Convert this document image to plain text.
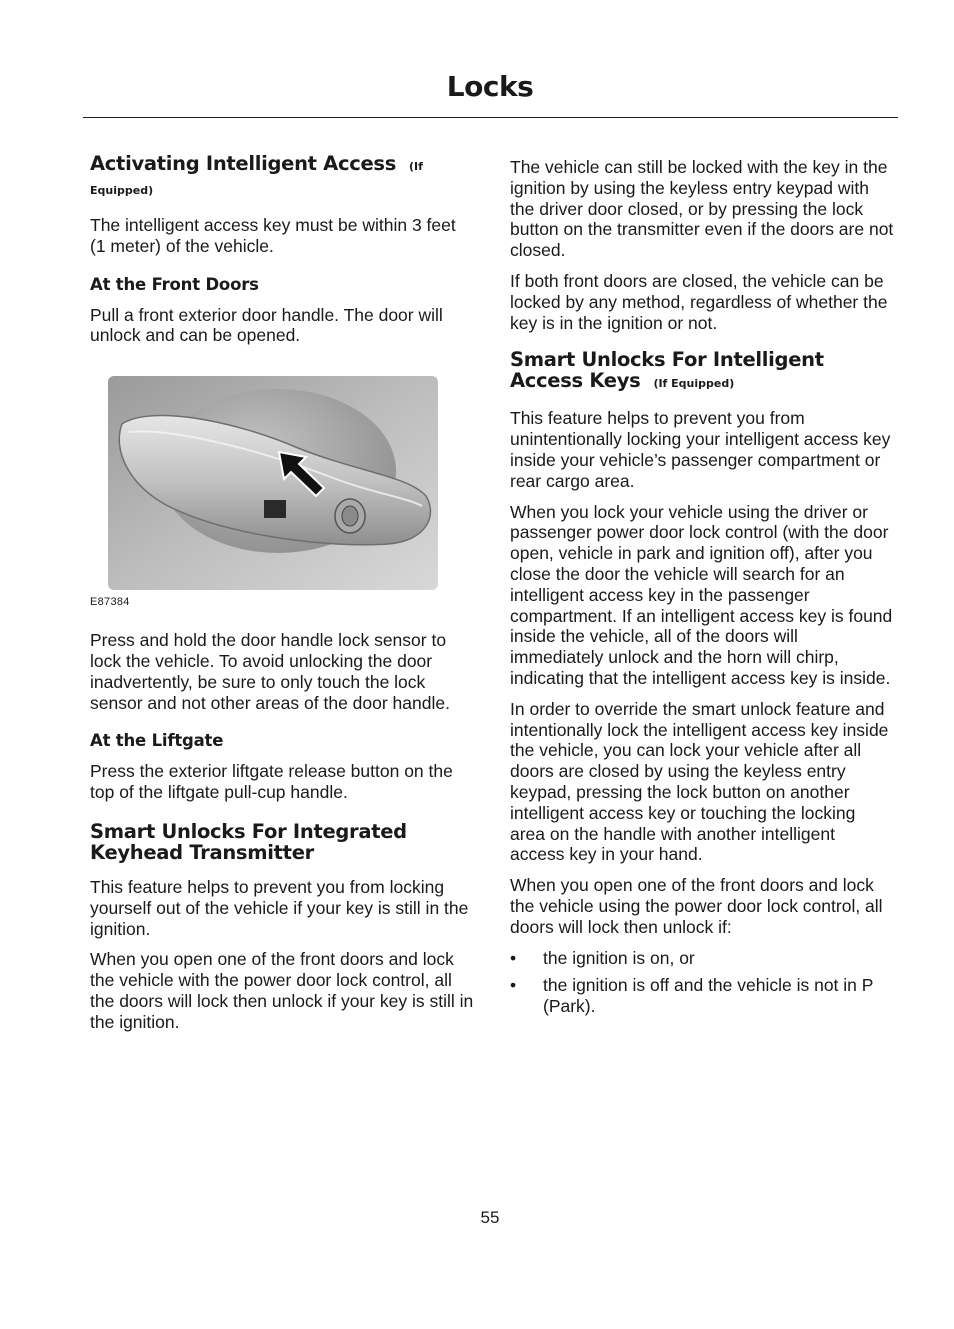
Locks
Activating Intelligent Access (If Equipped)

The intelligent access key must be within 3 feet (1 meter) of the vehicle.

At the Front Doors

Pull a front exterior door handle. The door will unlock and can be opened.

E87384

Press and hold the door handle lock sensor to lock the vehicle. To avoid unlocking the door inadvertently, be sure to only touch the lock sensor and not other areas of the door handle.

At the Liftgate

Press the exterior liftgate release button on the top of the liftgate pull-cup handle.

Smart Unlocks For Integrated Keyhead Transmitter

This feature helps to prevent you from locking yourself out of the vehicle if your key is still in the ignition.

When you open one of the front doors and lock the vehicle with the power door lock control, all the doors will lock then unlock if your key is still in the ignition.

The vehicle can still be locked with the key in the ignition by using the keyless entry keypad with the driver door closed, or by pressing the lock button on the transmitter even if the doors are not closed.

If both front doors are closed, the vehicle can be locked by any method, regardless of whether the key is in the ignition or not.

Smart Unlocks For Intelligent Access Keys (If Equipped)

This feature helps to prevent you from unintentionally locking your intelligent access key inside your vehicle’s passenger compartment or rear cargo area.

When you lock your vehicle using the driver or passenger power door lock control (with the door open, vehicle in park and ignition off), after you close the door the vehicle will search for an intelligent access key in the passenger compartment. If an intelligent access key is found inside the vehicle, all of the doors will immediately unlock and the horn will chirp, indicating that the intelligent access key is inside.

In order to override the smart unlock feature and intentionally lock the intelligent access key inside the vehicle, you can lock your vehicle after all doors are closed by using the keyless entry keypad, pressing the lock button on another intelligent access key or touching the locking area on the handle with another intelligent access key in your hand.

When you open one of the front doors and lock the vehicle using the power door lock control, all doors will lock then unlock if:

• the ignition is on, or
• the ignition is off and the vehicle is not in P (Park).
55
